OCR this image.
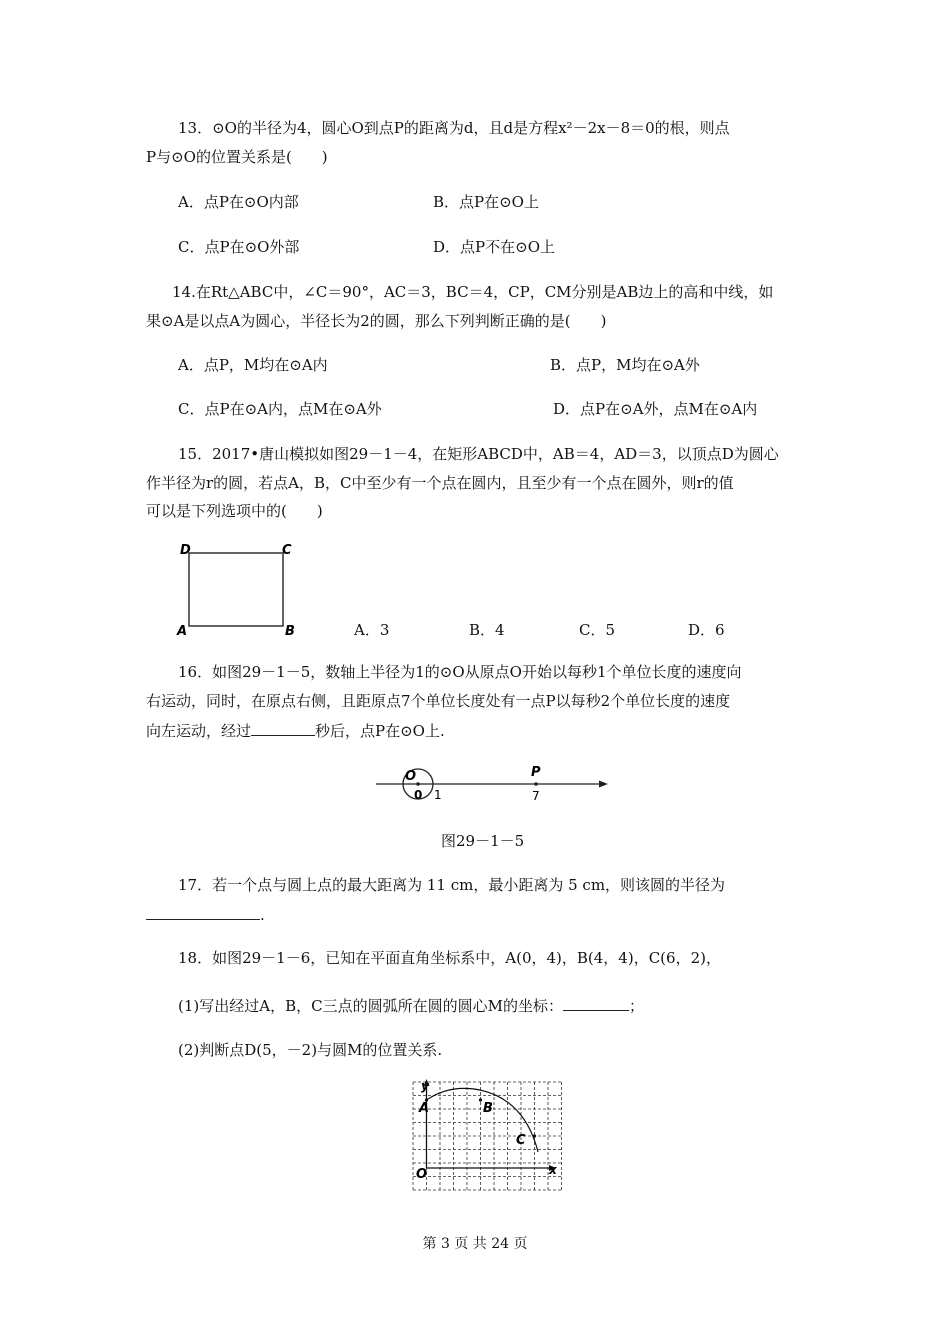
13．⊙O的半径为4，圆心O到点P的距离为d，且d是方程x²－2x－8＝0的根，则点
P与⊙O的位置关系是(　　)
A．点P在⊙O内部	B．点P在⊙O上
C．点P在⊙O外部	D．点P不在⊙O上
14.在Rt△ABC中，∠C＝90°，AC＝3，BC＝4，CP，CM分别是AB边上的高和中线，如
果⊙A是以点A为圆心，半径长为2的圆，那么下列判断正确的是(　　)
A．点P，M均在⊙A内	B．点P，M均在⊙A外
C．点P在⊙A内，点M在⊙A外	D．点P在⊙A外，点M在⊙A内
15．2017•唐山模拟如图29－1－4，在矩形ABCD中，AB＝4，AD＝3，以顶点D为圆心
作半径为r的圆，若点A，B，C中至少有一个点在圆内，且至少有一个点在圆外，则r的值
可以是下列选项中的(　　)
D	C
A	B	A．3	B．4	C．5	D．6
16．如图29－1－5，数轴上半径为1的⊙O从原点O开始以每秒1个单位长度的速度向
右运动，同时，在原点右侧，且距原点7个单位长度处有一点P以每秒2个单位长度的速度
向左运动，经过	秒后，点P在⊙O上.
O
0 1
P
7
图29－1－5
17．若一个点与圆上点的最大距离为 11 cm，最小距离为 5 cm，则该圆的半径为
.
18．如图29－1－6，已知在平面直角坐标系中，A(0，4)，B(4，4)，C(6，2)，
(1)写出经过A，B，C三点的圆弧所在圆的圆心M的坐标：	；
(2)判断点D(5，－2)与圆M的位置关系.
y
x
O
A	B
C
第 3 页 共 24 页
